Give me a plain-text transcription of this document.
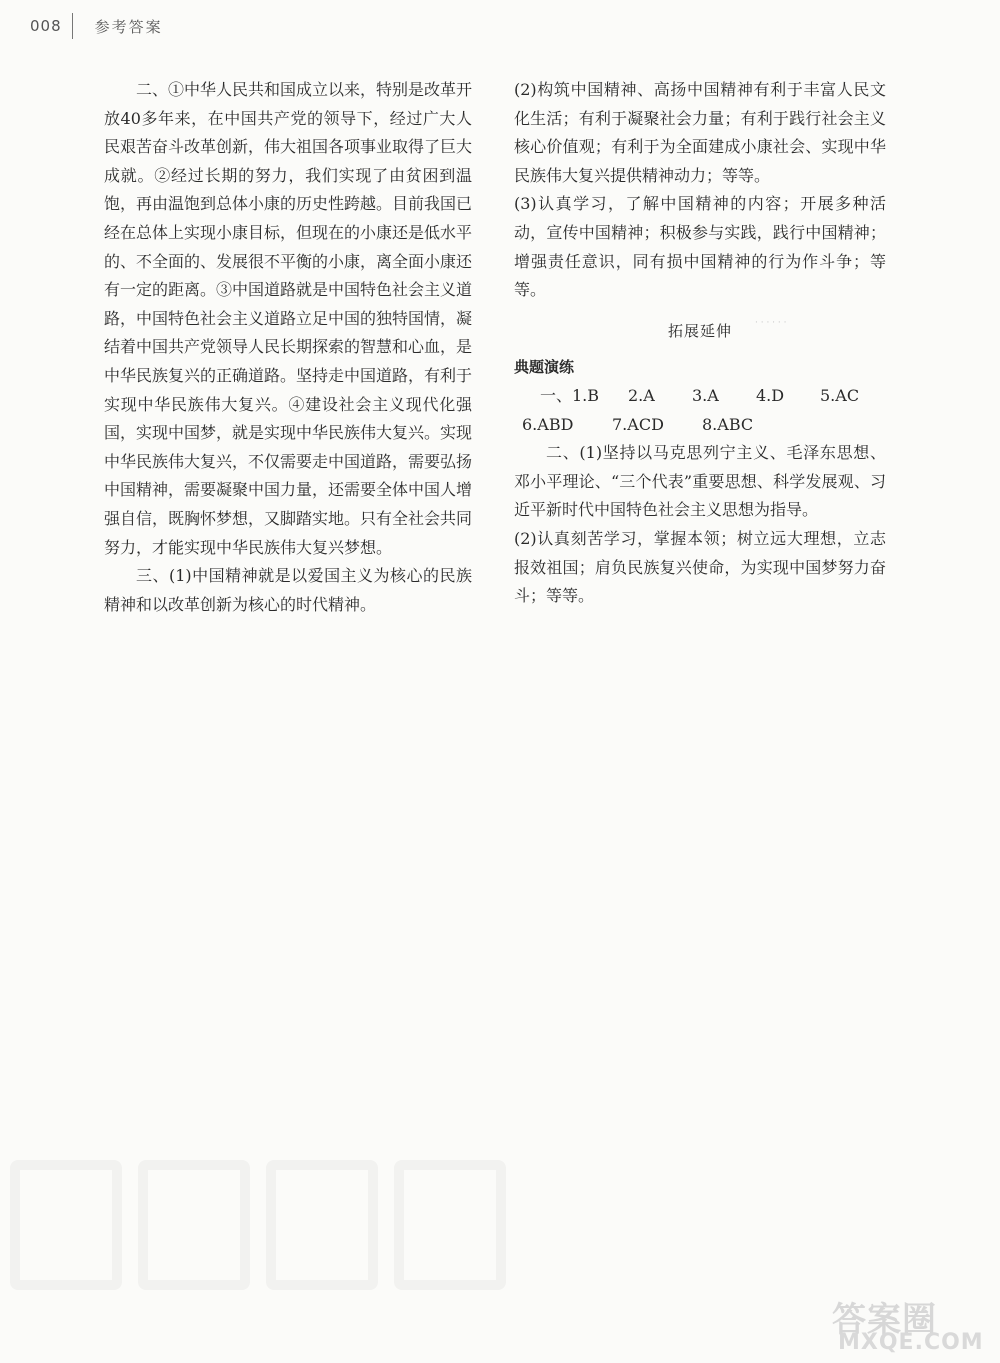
008 参考答案

二、①中华人民共和国成立以来，特别是改革开放40多年来，在中国共产党的领导下，经过广大人民艰苦奋斗改革创新，伟大祖国各项事业取得了巨大成就。②经过长期的努力，我们实现了由贫困到温饱，再由温饱到总体小康的历史性跨越。目前我国已经在总体上实现小康目标，但现在的小康还是低水平的、不全面的、发展很不平衡的小康，离全面小康还有一定的距离。③中国道路就是中国特色社会主义道路，中国特色社会主义道路立足中国的独特国情，凝结着中国共产党领导人民长期探索的智慧和心血，是中华民族复兴的正确道路。坚持走中国道路，有利于实现中华民族伟大复兴。④建设社会主义现代化强国，实现中国梦，就是实现中华民族伟大复兴。实现中华民族伟大复兴，不仅需要走中国道路，需要弘扬中国精神，需要凝聚中国力量，还需要全体中国人增强自信，既胸怀梦想，又脚踏实地。只有全社会共同努力，才能实现中华民族伟大复兴梦想。

三、(1)中国精神就是以爱国主义为核心的民族精神和以改革创新为核心的时代精神。

(2)构筑中国精神、高扬中国精神有利于丰富人民文化生活；有利于凝聚社会力量；有利于践行社会主义核心价值观；有利于为全面建成小康社会、实现中华民族伟大复兴提供精神动力；等等。

(3)认真学习，了解中国精神的内容；开展多种活动，宣传中国精神；积极参与实践，践行中国精神；增强责任意识，同有损中国精神的行为作斗争；等等。

拓展延伸
典题演练
一、1.B	2.A	3.A	4.D	5.AC
6.ABD	7.ACD	8.ABC

二、(1)坚持以马克思列宁主义、毛泽东思想、邓小平理论、“三个代表”重要思想、科学发展观、习近平新时代中国特色社会主义思想为指导。

(2)认真刻苦学习，掌握本领；树立远大理想，立志报效祖国；肩负民族复兴使命，为实现中国梦努力奋斗；等等。

· · · · · ·
答案圈
MXQE.COM
